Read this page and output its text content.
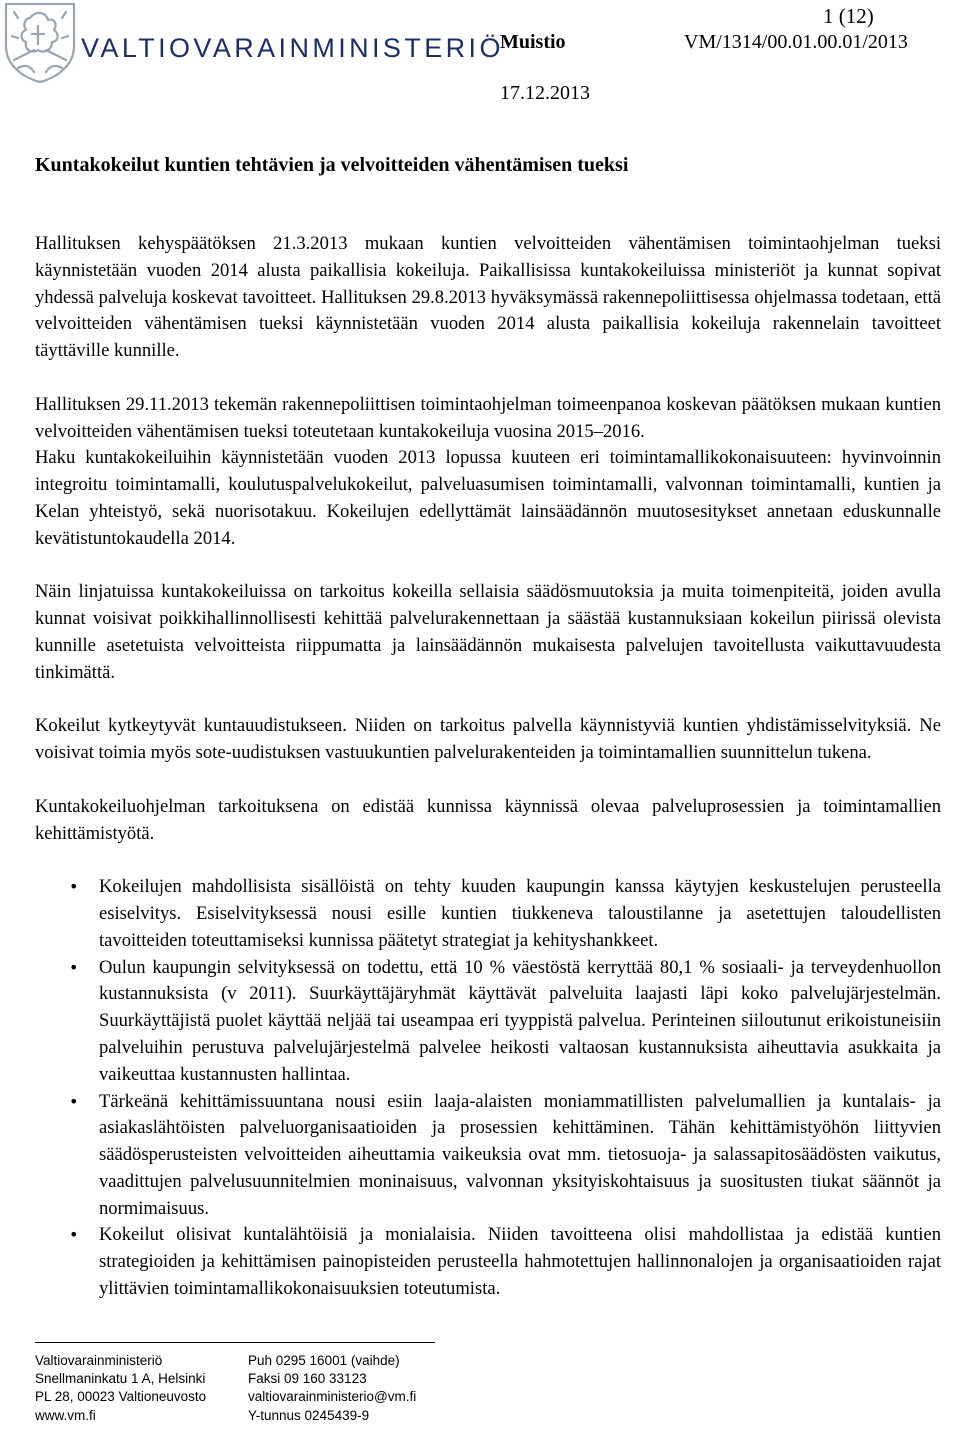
VALTIOVARAINMINISTERIÖ
1 (12)
Muistio	VM/1314/00.01.00.01/2013
17.12.2013
Kuntakokeilut kuntien tehtävien ja velvoitteiden vähentämisen tueksi

Hallituksen kehyspäätöksen 21.3.2013 mukaan kuntien velvoitteiden vähentämisen toimintaohjelman tueksi käynnistetään vuoden 2014 alusta paikallisia kokeiluja. Paikallisissa kuntakokeiluissa ministeriöt ja kunnat sopivat yhdessä palveluja koskevat tavoitteet. Hallituksen 29.8.2013 hyväksymässä rakennepoliittisessa ohjelmassa todetaan, että velvoitteiden vähentämisen tueksi käynnistetään vuoden 2014 alusta paikallisia kokeiluja rakennelain tavoitteet täyttäville kunnille.

Hallituksen 29.11.2013 tekemän rakennepoliittisen toimintaohjelman toimeenpanoa koskevan päätöksen mukaan kuntien velvoitteiden vähentämisen tueksi toteutetaan kuntakokeiluja vuosina 2015–2016.

Haku kuntakokeiluihin käynnistetään vuoden 2013 lopussa kuuteen eri toimintamallikokonaisuuteen: hyvinvoinnin integroitu toimintamalli, koulutuspalvelukokeilut, palveluasumisen toimintamalli, valvonnan toimintamalli, kuntien ja Kelan yhteistyö, sekä nuorisotakuu. Kokeilujen edellyttämät lainsäädännön muutosesitykset annetaan eduskunnalle kevätistuntokaudella 2014.

Näin linjatuissa kuntakokeiluissa on tarkoitus kokeilla sellaisia säädösmuutoksia ja muita toimenpiteitä, joiden avulla kunnat voisivat poikkihallinnollisesti kehittää palvelurakennettaan ja säästää kustannuksiaan kokeilun piirissä olevista kunnille asetetuista velvoitteista riippumatta ja lainsäädännön mukaisesta palvelujen tavoitellusta vaikuttavuudesta tinkimättä.

Kokeilut kytkeytyvät kuntauudistukseen. Niiden on tarkoitus palvella käynnistyviä kuntien yhdistämisselvityksiä. Ne voisivat toimia myös sote-uudistuksen vastuukuntien palvelurakenteiden ja toimintamallien suunnittelun tukena.

Kuntakokeiluohjelman tarkoituksena on edistää kunnissa käynnissä olevaa palveluprosessien ja toimintamallien kehittämistyötä.

• Kokeilujen mahdollisista sisällöistä on tehty kuuden kaupungin kanssa käytyjen keskustelujen perusteella esiselvitys. Esiselvityksessä nousi esille kuntien tiukkeneva taloustilanne ja asetettujen taloudellisten tavoitteiden toteuttamiseksi kunnissa päätetyt strategiat ja kehityshankkeet.
• Oulun kaupungin selvityksessä on todettu, että 10 % väestöstä kerryttää 80,1 % sosiaali- ja terveydenhuollon kustannuksista (v 2011). Suurkäyttäjäryhmät käyttävät palveluita laajasti läpi koko palvelujärjestelmän. Suurkäyttäjistä puolet käyttää neljää tai useampaa eri tyyppistä palvelua. Perinteinen siiloutunut erikoistuneisiin palveluihin perustuva palvelujärjestelmä palvelee heikosti valtaosan kustannuksista aiheuttavia asukkaita ja vaikeuttaa kustannusten hallintaa.
• Tärkeänä kehittämissuuntana nousi esiin laaja-alaisten moniammatillisten palvelumallien ja kuntalais- ja asiakaslähtöisten palveluorganisaatioiden ja prosessien kehittäminen. Tähän kehittämistyöhön liittyvien säädösperusteisten velvoitteiden aiheuttamia vaikeuksia ovat mm. tietosuoja- ja salassapitosäädösten vaikutus, vaadittujen palvelusuunnitelmien moninaisuus, valvonnan yksityiskohtaisuus ja suositusten tiukat säännöt ja normimaisuus.
• Kokeilut olisivat kuntalähtöisiä ja monialaisia. Niiden tavoitteena olisi mahdollistaa ja edistää kuntien strategioiden ja kehittämisen painopisteiden perusteella hahmotettujen hallinnonalojen ja organisaatioiden rajat ylittävien toimintamallikokonaisuuksien toteutumista.
Valtiovarainministeriö
Snellmaninkatu 1 A, Helsinki
PL 28, 00023 Valtioneuvosto
www.vm.fi
Puh 0295 16001 (vaihde)
Faksi 09 160 33123
valtiovarainministerio@vm.fi
Y-tunnus 0245439-9
